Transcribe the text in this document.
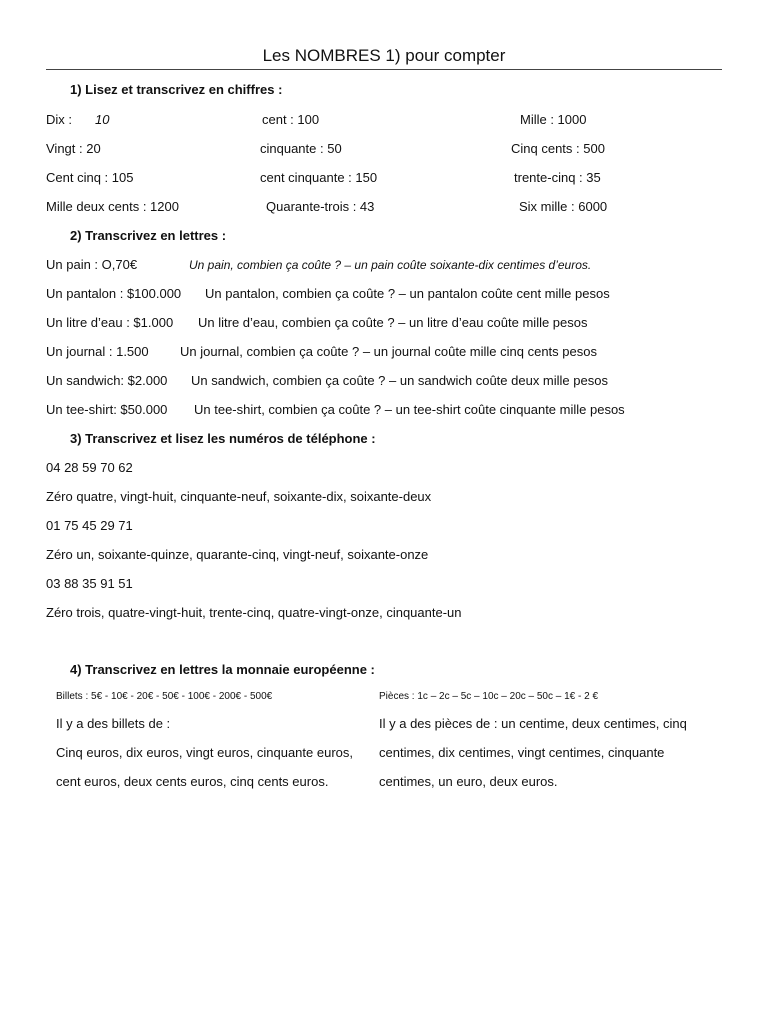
Les NOMBRES 1) pour compter
1) Lisez et transcrivez en chiffres :
Dix : 10	cent : 100	Mille : 1000
Vingt : 20	cinquante : 50	Cinq cents : 500
Cent cinq : 105	cent cinquante : 150	trente-cinq : 35
Mille deux cents : 1200	Quarante-trois : 43	Six mille : 6000
2) Transcrivez en lettres :
Un pain : O,70€	Un pain, combien ça coûte ? – un pain coûte soixante-dix centimes d’euros.
Un pantalon : $100.000 Un pantalon, combien ça coûte ? – un pantalon coûte cent mille pesos
Un litre d’eau : $1.000 Un litre d’eau, combien ça coûte ? – un litre d’eau coûte mille pesos
Un journal : 1.500 Un journal, combien ça coûte ? – un journal coûte mille cinq cents pesos
Un sandwich: $2.000 Un sandwich, combien ça coûte ? – un sandwich coûte deux mille pesos
Un tee-shirt: $50.000 Un tee-shirt, combien ça coûte ? – un tee-shirt coûte cinquante mille pesos
3) Transcrivez et lisez les numéros de téléphone :
04 28 59 70 62
Zéro quatre, vingt-huit, cinquante-neuf, soixante-dix, soixante-deux
01 75 45 29 71
Zéro un, soixante-quinze, quarante-cinq, vingt-neuf, soixante-onze
03 88 35 91 51
Zéro trois, quatre-vingt-huit, trente-cinq, quatre-vingt-onze, cinquante-un
4) Transcrivez en lettres la monnaie européenne :
Billets : 5€ - 10€ - 20€ - 50€ - 100€ - 200€ - 500€
Il y a des billets de :
Cinq euros, dix euros, vingt euros, cinquante euros, cent euros, deux cents euros, cinq cents euros.
Pièces : 1c – 2c – 5c – 10c – 20c – 50c – 1€ - 2 €
Il y a des pièces de : un centime, deux centimes, cinq centimes, dix centimes, vingt centimes, cinquante centimes, un euro, deux euros.
